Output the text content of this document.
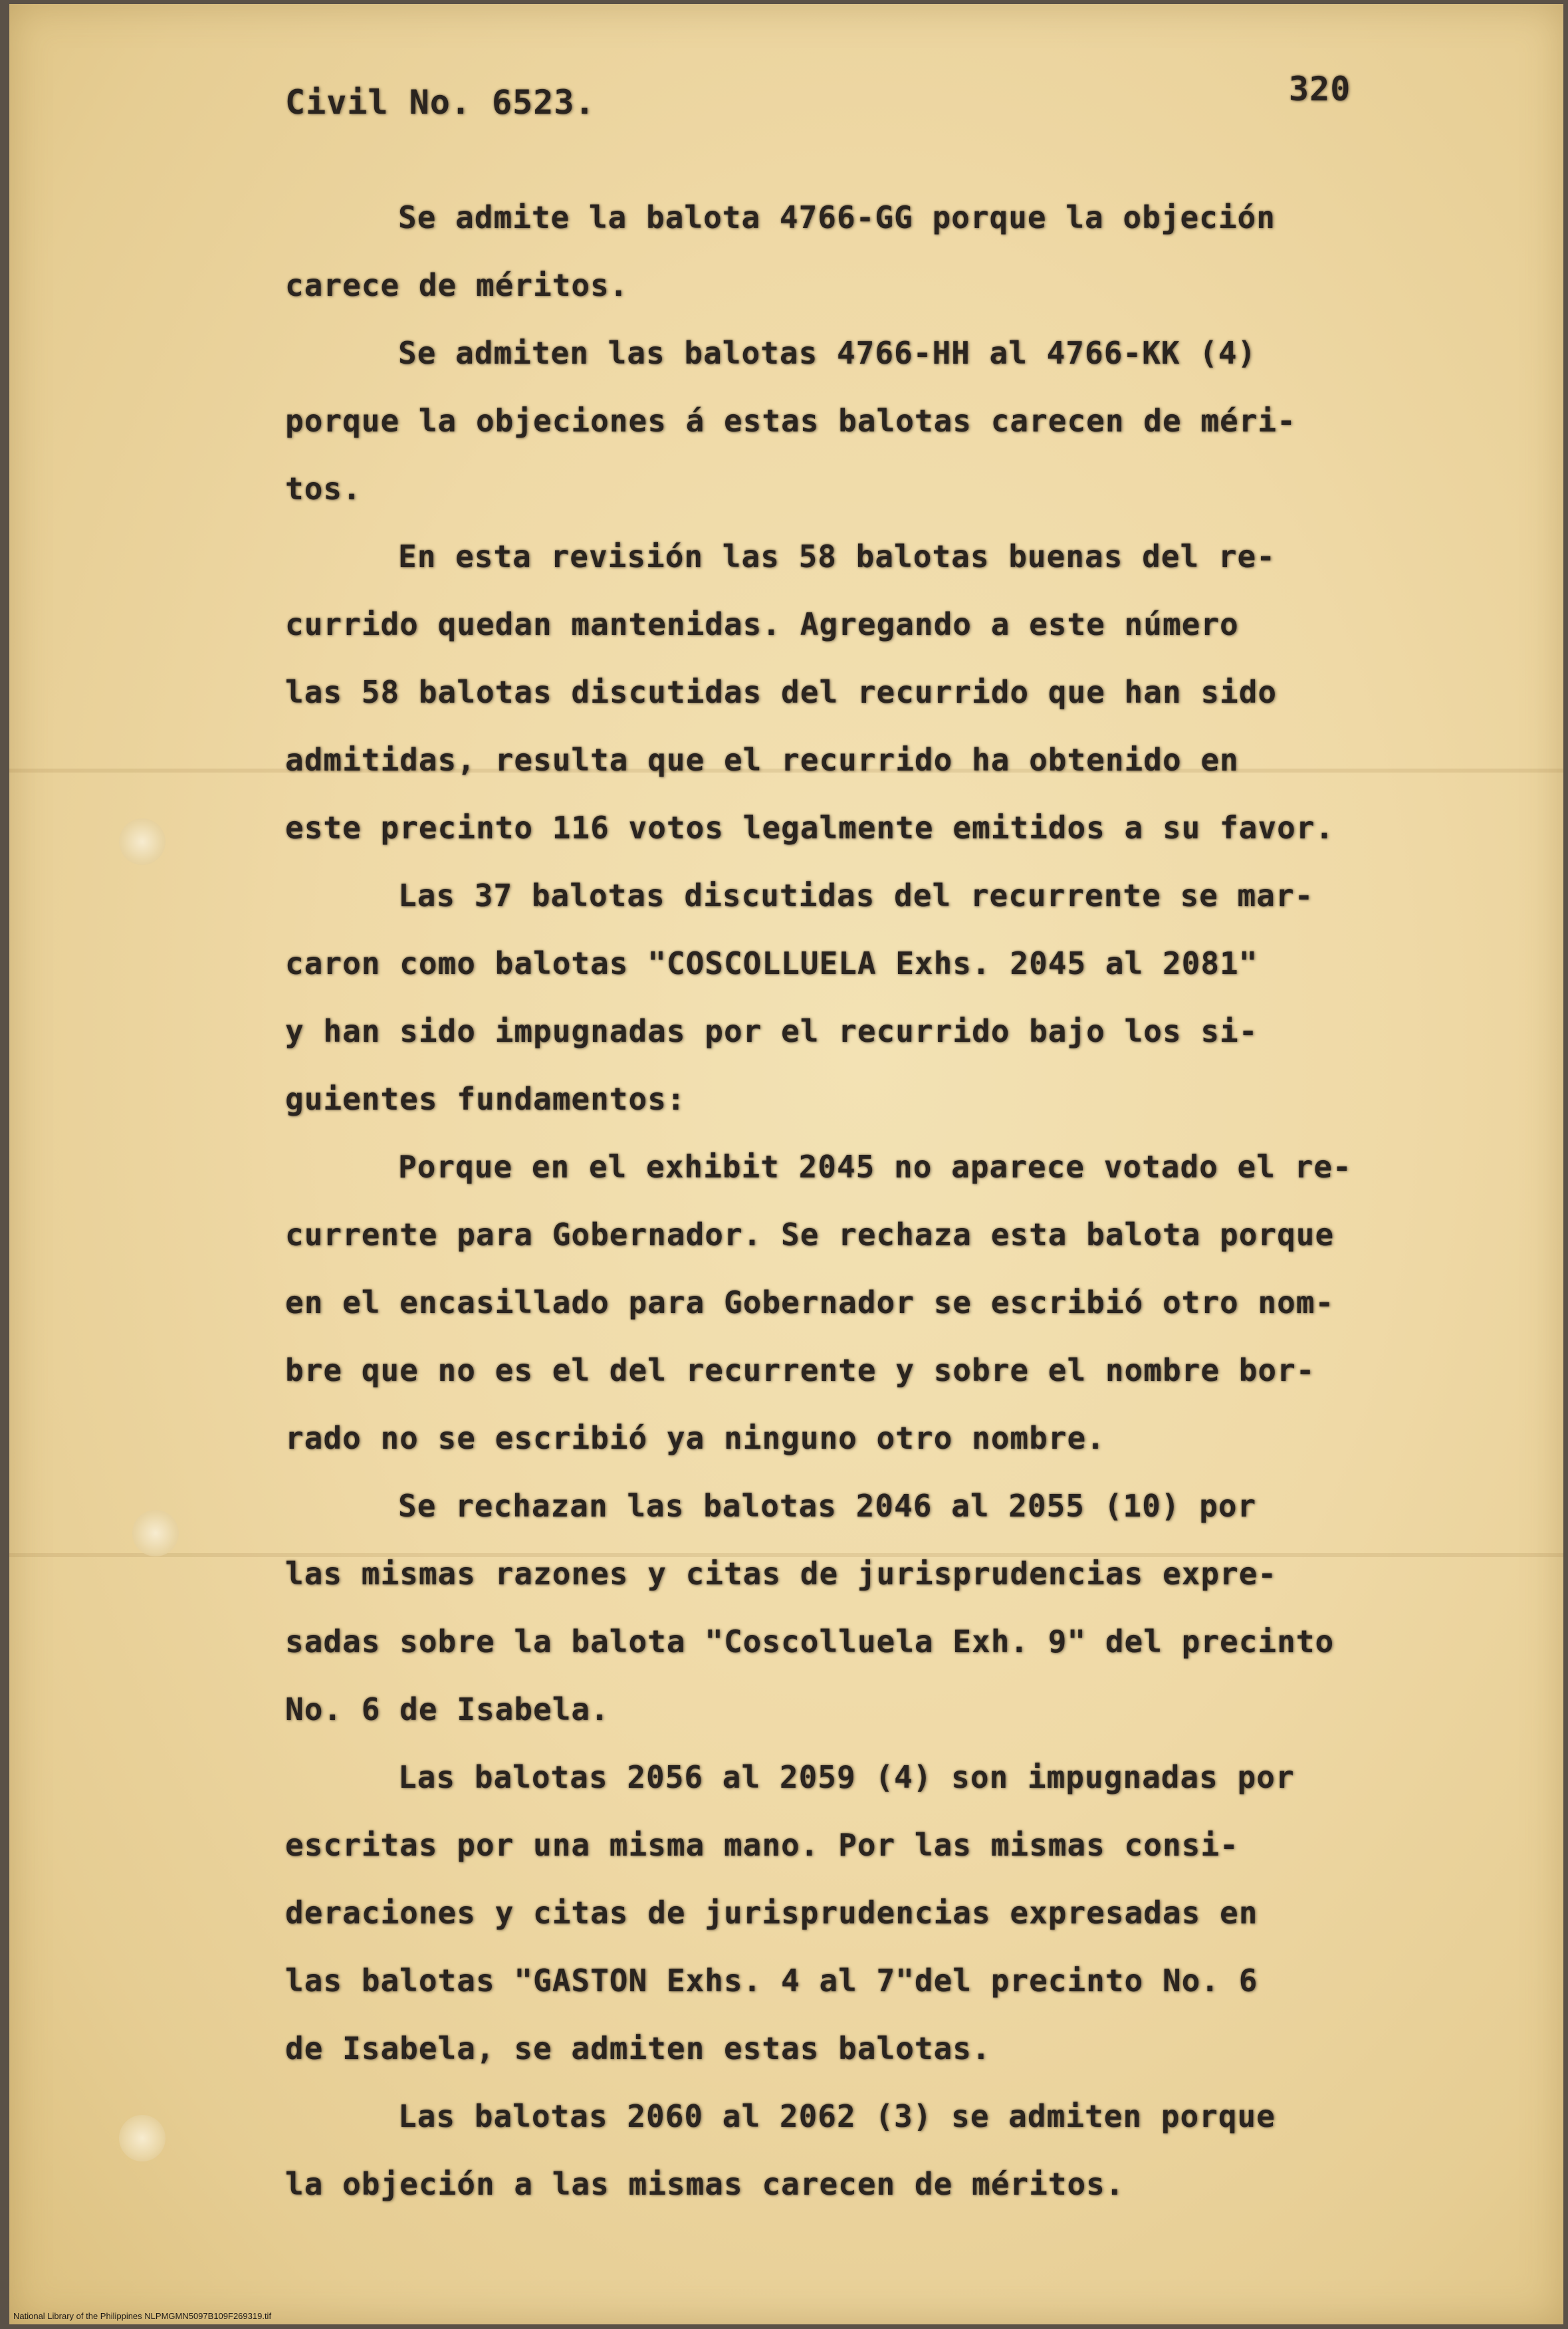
Civil No. 6523.	320
Se admite la balota 4766-GG porque la objeción
carece de méritos.
Se admiten las balotas 4766-HH al 4766-KK (4)
porque la objeciones á estas balotas carecen de méri-
tos.
En esta revisión las 58 balotas buenas del re-
currido quedan mantenidas. Agregando a este número
las 58 balotas discutidas del recurrido que han sido
admitidas, resulta que el recurrido ha obtenido en
este precinto 116 votos legalmente emitidos a su favor.
Las 37 balotas discutidas del recurrente se mar-
caron como balotas "COSCOLLUELA Exhs. 2045 al 2081"
y han sido impugnadas por el recurrido bajo los si-
guientes fundamentos:
Porque en el exhibit 2045 no aparece votado el re-
currente para Gobernador. Se rechaza esta balota porque
en el encasillado para Gobernador se escribió otro nom-
bre que no es el del recurrente y sobre el nombre bor-
rado no se escribió ya ninguno otro nombre.
Se rechazan las balotas 2046 al 2055 (10) por
las mismas razones y citas de jurisprudencias expre-
sadas sobre la balota "Coscolluela Exh. 9" del precinto
No. 6 de Isabela.
Las balotas 2056 al 2059 (4) son impugnadas por
escritas por una misma mano. Por las mismas consi-
deraciones y citas de jurisprudencias expresadas en
las balotas "GASTON Exhs. 4 al 7"del precinto No. 6
de Isabela, se admiten estas balotas.
Las balotas 2060 al 2062 (3) se admiten porque
la objeción a las mismas carecen de méritos.
National Library of the Philippines NLPMGMN5097B109F269319.tif
